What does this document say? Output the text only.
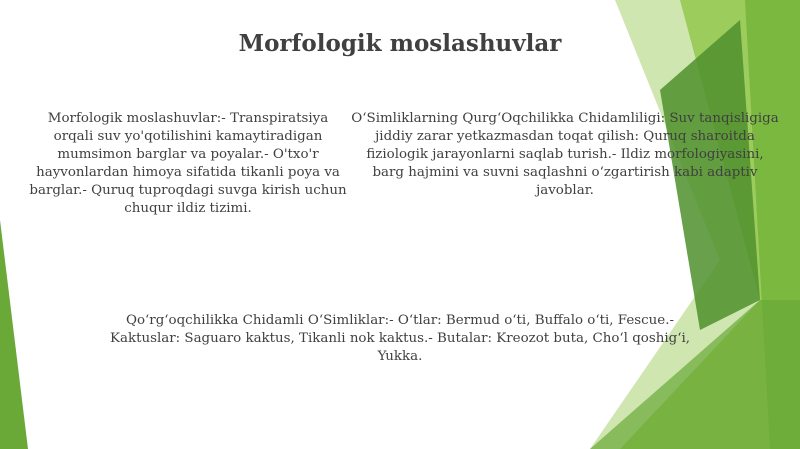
Morfologik moslashuvlar
Morfologik moslashuvlar:- Transpiratsiya orqali suv yo'qotilishini kamaytiradigan mumsimon barglar va poyalar.- O'txo'r hayvonlardan himoya sifatida tikanli poya va barglar.- Quruq tuproqdagi suvga kirish uchun chuqur ildiz tizimi.
O‘Simliklarning Qurg‘Oqchilikka Chidamliligi: Suv tanqisligiga jiddiy zarar yetkazmasdan toqat qilish: Quruq sharoitda fiziologik jarayonlarni saqlab turish.- Ildiz morfologiyasini, barg hajmini va suvni saqlashni o‘zgartirish kabi adaptiv javoblar.
Qo‘rg‘oqchilikka Chidamli O‘Simliklar:- O‘tlar: Bermud o‘ti, Buffalo o‘ti, Fescue.- Kaktuslar: Saguaro kaktus, Tikanli nok kaktus.- Butalar: Kreozot buta, Cho‘l qoshig‘i, Yukka.
